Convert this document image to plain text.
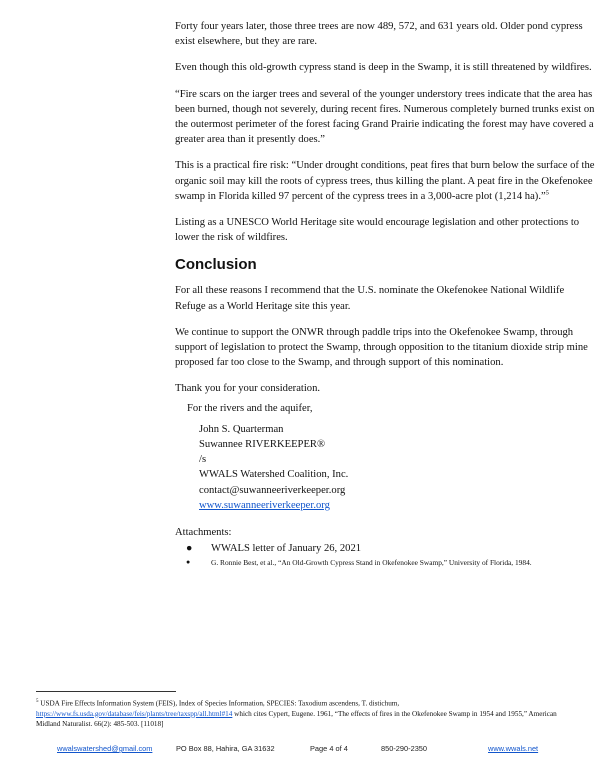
Forty four years later, those three trees are now 489, 572, and 631 years old. Older pond cypress exist elsewhere, but they are rare.

Even though this old-growth cypress stand is deep in the Swamp, it is still threatened by wildfires.

“Fire scars on the iarger trees and several of the younger understory trees indicate that the area has been burned, though not severely, during recent fires. Numerous completely burned trunks exist on the outermost perimeter of the forest facing Grand Prairie indicating the forest may have covered a greater area than it presently does.”

This is a practical fire risk: “Under drought conditions, peat fires that burn below the surface of the organic soil may kill the roots of cypress trees, thus killing the plant. A peat fire in the Okefenokee swamp in Florida killed 97 percent of the cypress trees in a 3,000-acre plot (1,214 ha).”$^5$

Listing as a UNESCO World Heritage site would encourage legislation and other protections to lower the risk of wildfires.

Conclusion

For all these reasons I recommend that the U.S. nominate the Okefenokee National Wildlife Refuge as a World Heritage site this year.

We continue to support the ONWR through paddle trips into the Okefenokee Swamp, through support of legislation to protect the Swamp, through opposition to the titanium dioxide strip mine proposed far too close to the Swamp, and through support of this nomination.

Thank you for your consideration.

For the rivers and the aquifer,

John S. Quarterman
Suwannee RIVERKEEPER®
/s
WWALS Watershed Coalition, Inc.
contact@suwanneeriverkeeper.org
www.suwanneeriverkeeper.org
Attachments:
● WWALS letter of January 26, 2021
●	G. Ronnie Best, et al., “An Old-Growth Cypress Stand in Okefenokee Swamp,” University of Florida, 1984.
$^5$ USDA Fire Effects Information System (FEIS), Index of Species Information, SPECIES: Taxodium ascendens, T. distichum,
https://www.fs.usda.gov/database/feis/plants/tree/taxspp/all.html#14 which cites Cypert, Eugene. 1961, “The effects of fires in the Okefenokee Swamp in 1954 and 1955,” American Midland Naturalist. 66(2): 485-503. [11018]
wwalswatershed@gmail.com	PO Box 88, Hahira, GA 31632	Page 4 of 4	850-290-2350	www.wwals.net
